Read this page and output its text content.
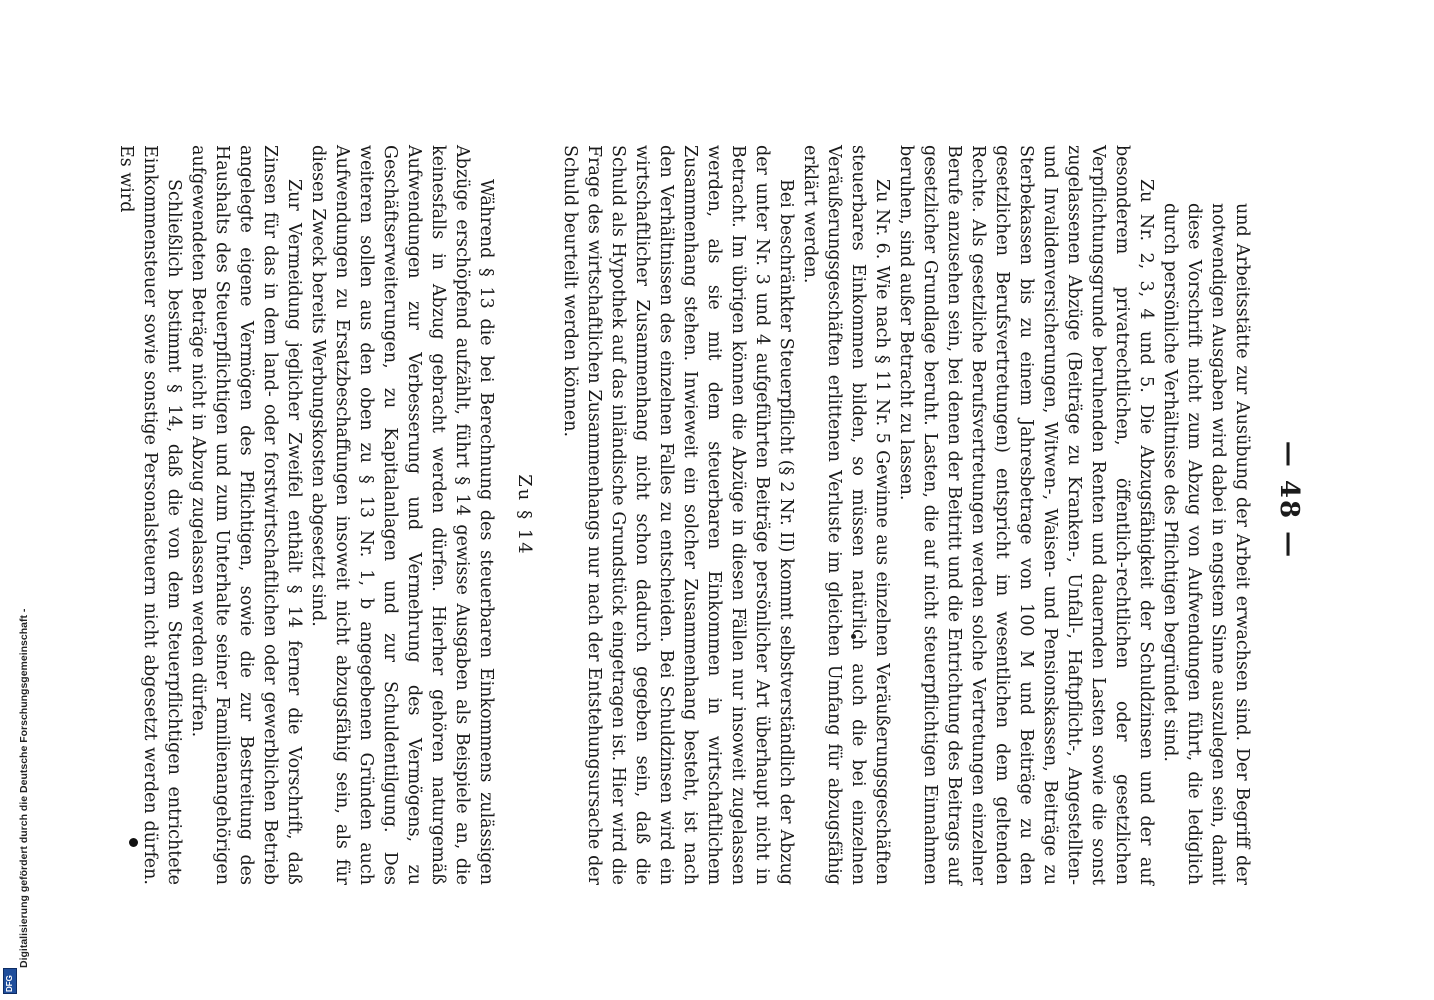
— 48 —

und Arbeitsstätte zur Ausübung der Arbeit erwachsen sind. Der Begriff der notwendigen Ausgaben wird dabei in engstem Sinne auszulegen sein, damit diese Vorschrift nicht zum Abzug von Aufwendungen führt, die lediglich durch persönliche Verhältnisse des Pflichtigen begründet sind.

Zu Nr. 2, 3, 4 und 5. Die Abzugsfähigkeit der Schuldzinsen und der auf besonderem privatrechtlichen, öffentlich-rechtlichen oder gesetzlichen Verpflichtungsgrunde beruhenden Renten und dauernden Lasten sowie die sonst zugelassenen Abzüge (Beiträge zu Kranken-, Unfall-, Haftpflicht-, Angestellten- und Invalidenversicherungen, Witwen-, Waisen- und Pensionskassen, Beiträge zu Sterbekassen bis zu einem Jahresbetrage von 100 M und Beiträge zu den gesetzlichen Berufsvertretungen) entspricht im wesentlichen dem geltenden Rechte. Als gesetzliche Berufsvertretungen werden solche Vertretungen einzelner Berufe anzusehen sein, bei denen der Beitritt und die Entrichtung des Beitrags auf gesetzlicher Grundlage beruht. Lasten, die auf nicht steuerpflichtigen Einnahmen beruhen, sind außer Betracht zu lassen.

Zu Nr. 6. Wie nach § 11 Nr. 5 Gewinne aus einzelnen Veräußerungsgeschäften steuerbares Einkommen bilden, so müssen natürlich auch die bei einzelnen Veräußerungsgeschäften erlittenen Verluste im gleichen Umfang für abzugsfähig erklärt werden.

Bei beschränkter Steuerpflicht (§ 2 Nr. II) kommt selbstverständlich der Abzug der unter Nr. 3 und 4 aufgeführten Beiträge persönlicher Art überhaupt nicht in Betracht. Im übrigen können die Abzüge in diesen Fällen nur insoweit zugelassen werden, als sie mit dem steuerbaren Einkommen in wirtschaftlichem Zusammenhang stehen. Inwieweit ein solcher Zusammenhang besteht, ist nach den Verhältnissen des einzelnen Falles zu entscheiden. Bei Schuldzinsen wird ein wirtschaftlicher Zusammenhang nicht schon dadurch gegeben sein, daß die Schuld als Hypothek auf das inländische Grundstück eingetragen ist. Hier wird die Frage des wirtschaftlichen Zusammenhangs nur nach der Entstehungsursache der Schuld beurteilt werden können.

Zu § 14

Während § 13 die bei Berechnung des steuerbaren Einkommens zulässigen Abzüge erschöpfend aufzählt, führt § 14 gewisse Ausgaben als Beispiele an, die keinesfalls in Abzug gebracht werden dürfen. Hierher gehören naturgemäß Aufwendungen zur Verbesserung und Vermehrung des Vermögens, zu Geschäftserweiterungen, zu Kapitalanlagen und zur Schuldentilgung. Des weiteren sollen aus den oben zu § 13 Nr. 1, b angegebenen Gründen auch Aufwendungen zu Ersatzbeschaffungen insoweit nicht abzugsfähig sein, als für diesen Zweck bereits Werbungskosten abgesetzt sind.

Zur Vermeidung jeglicher Zweifel enthält § 14 ferner die Vorschrift, daß Zinsen für das in dem land- oder forstwirtschaftlichen oder gewerblichen Betrieb angelegte eigene Vermögen des Pflichtigen, sowie die zur Bestreitung des Haushalts des Steuerpflichtigen und zum Unterhalte seiner Familienangehörigen aufgewendeten Beträge nicht in Abzug zugelassen werden dürfen.

Schließlich bestimmt § 14, daß die von dem Steuerpflichtigen entrichtete Einkommensteuer sowie sonstige Personalsteuern nicht abgesetzt werden dürfen. Es wird

Digitalisierung gefördert durch die Deutsche Forschungsgemeinschaft -
DFG
